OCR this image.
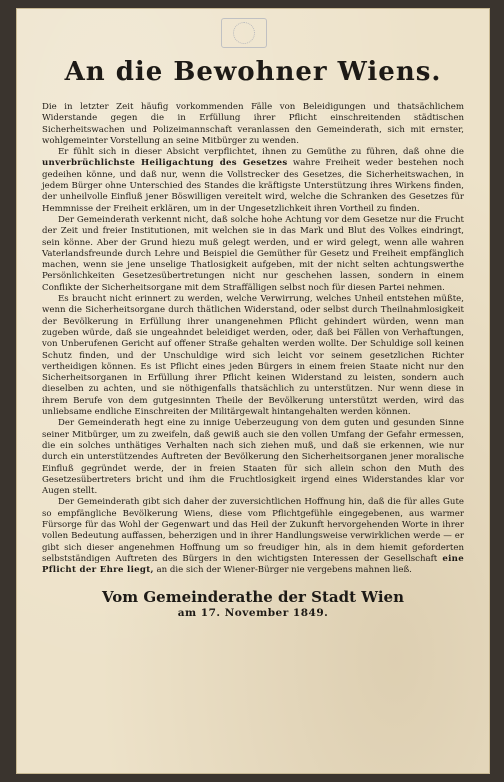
An die Bewohner Wiens.

Die in letzter Zeit häufig vorkommenden Fälle von Beleidigungen und thatsächlichem Widerstande gegen die in Erfüllung ihrer Pflicht einschreitenden städtischen Sicherheitswachen und Polizeimannschaft veranlassen den Gemeinderath, sich mit ernster, wohlgemeinter Vorstellung an seine Mitbürger zu wenden.

Er fühlt sich in dieser Absicht verpflichtet, ihnen zu Gemüthe zu führen, daß ohne die unverbrüchlichste Heiligachtung des Gesetzes wahre Freiheit weder bestehen noch gedeihen könne, und daß nur, wenn die Vollstrecker des Gesetzes, die Sicherheitswachen, in jedem Bürger ohne Unterschied des Standes die kräftigste Unterstützung ihres Wirkens finden, der unheilvolle Einfluß jener Böswilligen vereitelt wird, welche die Schranken des Gesetzes für Hemmnisse der Freiheit erklären, um in der Ungesetzlichkeit ihren Vortheil zu finden.

Der Gemeinderath verkennt nicht, daß solche hohe Achtung vor dem Gesetze nur die Frucht der Zeit und freier Institutionen, mit welchen sie in das Mark und Blut des Volkes eindringt, sein könne. Aber der Grund hiezu muß gelegt werden, und er wird gelegt, wenn alle wahren Vaterlandsfreunde durch Lehre und Beispiel die Gemüther für Gesetz und Freiheit empfänglich machen, wenn sie jene unselige Thatlosigkeit aufgeben, mit der nicht selten achtungswerthe Persönlichkeiten Gesetzesübertretungen nicht nur geschehen lassen, sondern in einem Conflikte der Sicherheitsorgane mit dem Straffälligen selbst noch für diesen Partei nehmen.

Es braucht nicht erinnert zu werden, welche Verwirrung, welches Unheil entstehen müßte, wenn die Sicherheitsorgane durch thätlichen Widerstand, oder selbst durch Theilnahmlosigkeit der Bevölkerung in Erfüllung ihrer unangenehmen Pflicht gehindert würden, wenn man zugeben würde, daß sie ungeahndet beleidiget werden, oder, daß bei Fällen von Verhaftungen, von Unberufenen Gericht auf offener Straße gehalten werden wollte. Der Schuldige soll keinen Schutz finden, und der Unschuldige wird sich leicht vor seinem gesetzlichen Richter vertheidigen können. Es ist Pflicht eines jeden Bürgers in einem freien Staate nicht nur den Sicherheitsorganen in Erfüllung ihrer Pflicht keinen Widerstand zu leisten, sondern auch dieselben zu achten, und sie nöthigenfalls thatsächlich zu unterstützen. Nur wenn diese in ihrem Berufe von dem gutgesinnten Theile der Bevölkerung unterstützt werden, wird das unliebsame endliche Einschreiten der Militärgewalt hintangehalten werden können.

Der Gemeinderath hegt eine zu innige Ueberzeugung von dem guten und gesunden Sinne seiner Mitbürger, um zu zweifeln, daß gewiß auch sie den vollen Umfang der Gefahr ermessen, die ein solches unthätiges Verhalten nach sich ziehen muß, und daß sie erkennen, wie nur durch ein unterstützendes Auftreten der Bevölkerung den Sicherheitsorganen jener moralische Einfluß gegründet werde, der in freien Staaten für sich allein schon den Muth des Gesetzesübertreters bricht und ihm die Fruchtlosigkeit irgend eines Widerstandes klar vor Augen stellt.

Der Gemeinderath gibt sich daher der zuversichtlichen Hoffnung hin, daß die für alles Gute so empfängliche Bevölkerung Wiens, diese vom Pflichtgefühle eingegebenen, aus warmer Fürsorge für das Wohl der Gegenwart und das Heil der Zukunft hervorgehenden Worte in ihrer vollen Bedeutung auffassen, beherzigen und in ihrer Handlungsweise verwirklichen werde — er gibt sich dieser angenehmen Hoffnung um so freudiger hin, als in dem hiemit geforderten selbstständigen Auftreten des Bürgers in den wichtigsten Interessen der Gesellschaft eine Pflicht der Ehre liegt, an die sich der Wiener-Bürger nie vergebens mahnen ließ.

Vom Gemeinderathe der Stadt Wien
am 17. November 1849.
